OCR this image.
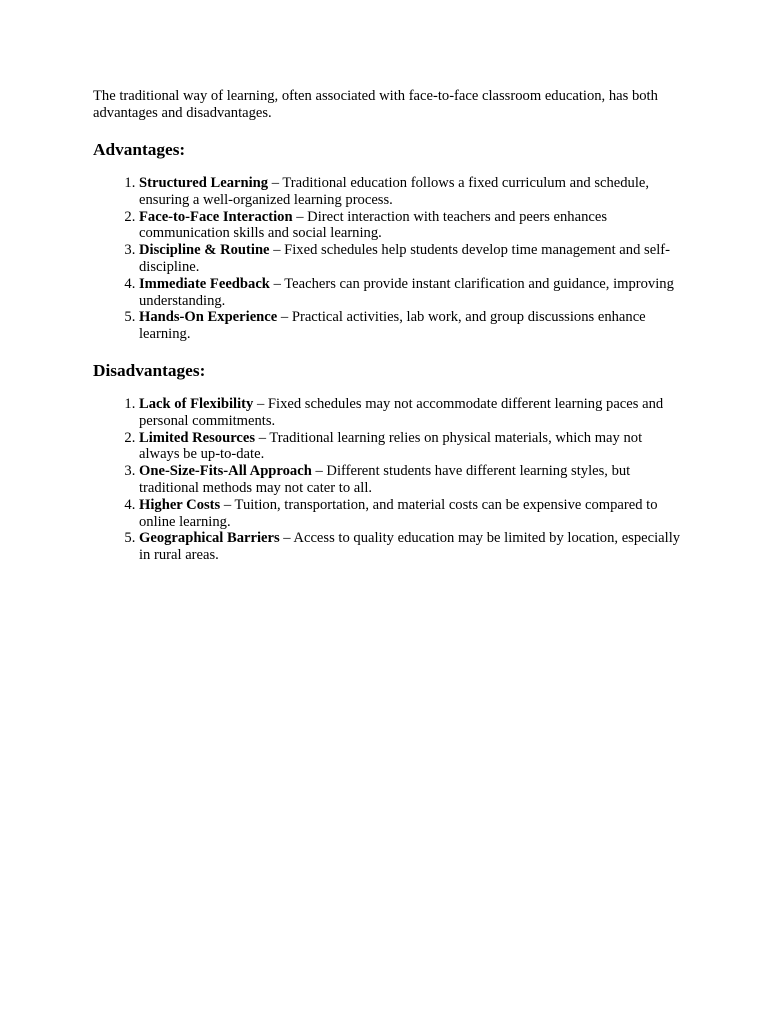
The traditional way of learning, often associated with face-to-face classroom education, has both advantages and disadvantages.

Advantages:
1. Structured Learning – Traditional education follows a fixed curriculum and schedule, ensuring a well-organized learning process.
2. Face-to-Face Interaction – Direct interaction with teachers and peers enhances communication skills and social learning.
3. Discipline & Routine – Fixed schedules help students develop time management and self-discipline.
4. Immediate Feedback – Teachers can provide instant clarification and guidance, improving understanding.
5. Hands-On Experience – Practical activities, lab work, and group discussions enhance learning.
Disadvantages:
1. Lack of Flexibility – Fixed schedules may not accommodate different learning paces and personal commitments.
2. Limited Resources – Traditional learning relies on physical materials, which may not always be up-to-date.
3. One-Size-Fits-All Approach – Different students have different learning styles, but traditional methods may not cater to all.
4. Higher Costs – Tuition, transportation, and material costs can be expensive compared to online learning.
5. Geographical Barriers – Access to quality education may be limited by location, especially in rural areas.
